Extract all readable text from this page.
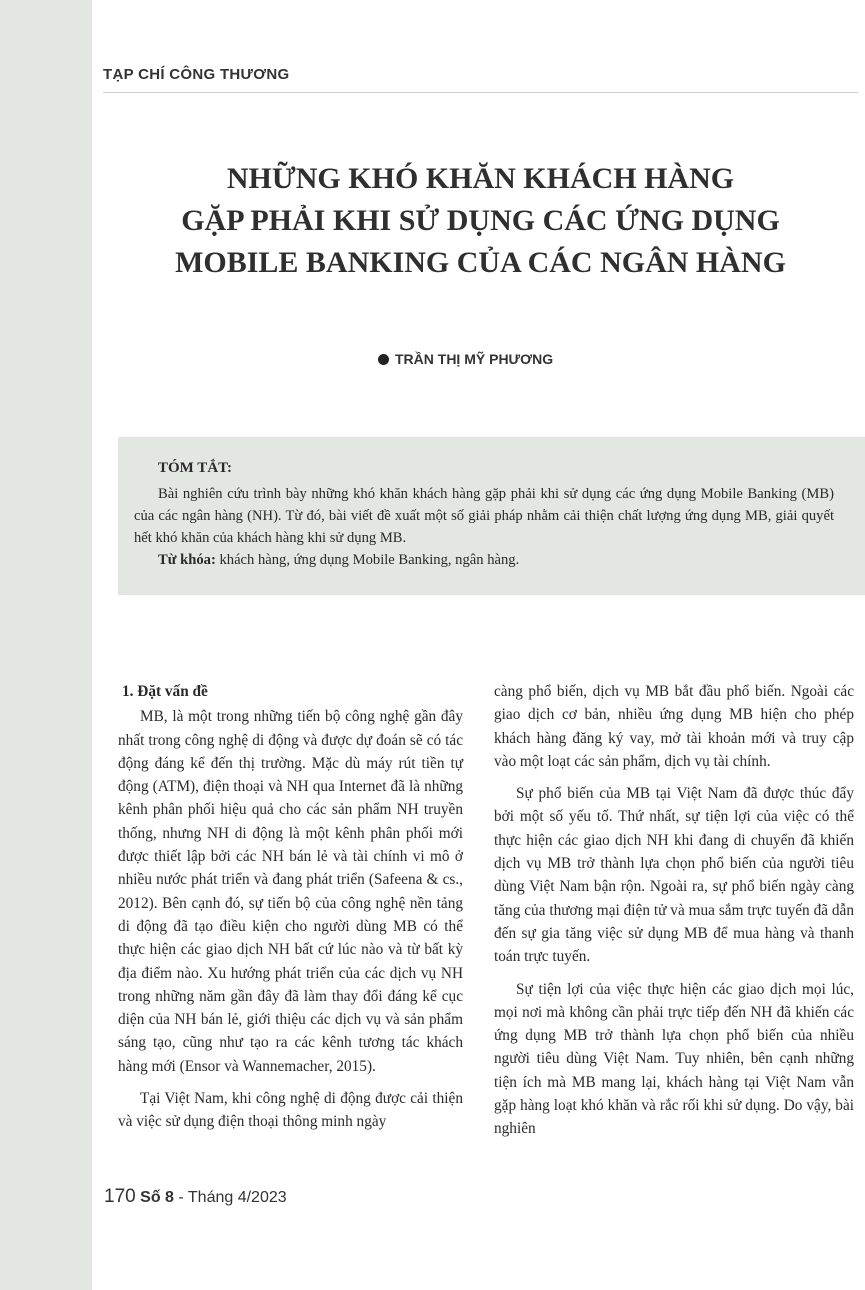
TẠP CHÍ CÔNG THƯƠNG
NHỮNG KHÓ KHĂN KHÁCH HÀNG
GẶP PHẢI KHI SỬ DỤNG CÁC ỨNG DỤNG
MOBILE BANKING CỦA CÁC NGÂN HÀNG
TRẦN THỊ MỸ PHƯƠNG
TÓM TẮT:

Bài nghiên cứu trình bày những khó khăn khách hàng gặp phải khi sử dụng các ứng dụng Mobile Banking (MB) của các ngân hàng (NH). Từ đó, bài viết đề xuất một số giải pháp nhằm cải thiện chất lượng ứng dụng MB, giải quyết hết khó khăn của khách hàng khi sử dụng MB.

Từ khóa: khách hàng, ứng dụng Mobile Banking, ngân hàng.

1. Đặt vấn đề

MB, là một trong những tiến bộ công nghệ gần đây nhất trong công nghệ di động và được dự đoán sẽ có tác động đáng kể đến thị trường. Mặc dù máy rút tiền tự động (ATM), điện thoại và NH qua Internet đã là những kênh phân phối hiệu quả cho các sản phẩm NH truyền thống, nhưng NH di động là một kênh phân phối mới được thiết lập bởi các NH bán lẻ và tài chính vi mô ở nhiều nước phát triển và đang phát triển (Safeena & cs., 2012). Bên cạnh đó, sự tiến bộ của công nghệ nền tảng di động đã tạo điều kiện cho người dùng MB có thể thực hiện các giao dịch NH bất cứ lúc nào và từ bất kỳ địa điểm nào. Xu hướng phát triển của các dịch vụ NH trong những năm gần đây đã làm thay đổi đáng kể cục diện của NH bán lẻ, giới thiệu các dịch vụ và sản phẩm sáng tạo, cũng như tạo ra các kênh tương tác khách hàng mới (Ensor và Wannemacher, 2015).

Tại Việt Nam, khi công nghệ di động được cải thiện và việc sử dụng điện thoại thông minh ngày

càng phổ biến, dịch vụ MB bắt đầu phổ biến. Ngoài các giao dịch cơ bản, nhiều ứng dụng MB hiện cho phép khách hàng đăng ký vay, mở tài khoản mới và truy cập vào một loạt các sản phẩm, dịch vụ tài chính.

Sự phổ biến của MB tại Việt Nam đã được thúc đẩy bởi một số yếu tố. Thứ nhất, sự tiện lợi của việc có thể thực hiện các giao dịch NH khi đang di chuyển đã khiến dịch vụ MB trở thành lựa chọn phổ biến của người tiêu dùng Việt Nam bận rộn. Ngoài ra, sự phổ biến ngày càng tăng của thương mại điện tử và mua sắm trực tuyến đã dẫn đến sự gia tăng việc sử dụng MB để mua hàng và thanh toán trực tuyến.

Sự tiện lợi của việc thực hiện các giao dịch mọi lúc, mọi nơi mà không cần phải trực tiếp đến NH đã khiến các ứng dụng MB trở thành lựa chọn phổ biến của nhiều người tiêu dùng Việt Nam. Tuy nhiên, bên cạnh những tiện ích mà MB mang lại, khách hàng tại Việt Nam vẫn gặp hàng loạt khó khăn và rắc rối khi sử dụng. Do vậy, bài nghiên

170 Số 8 - Tháng 4/2023
